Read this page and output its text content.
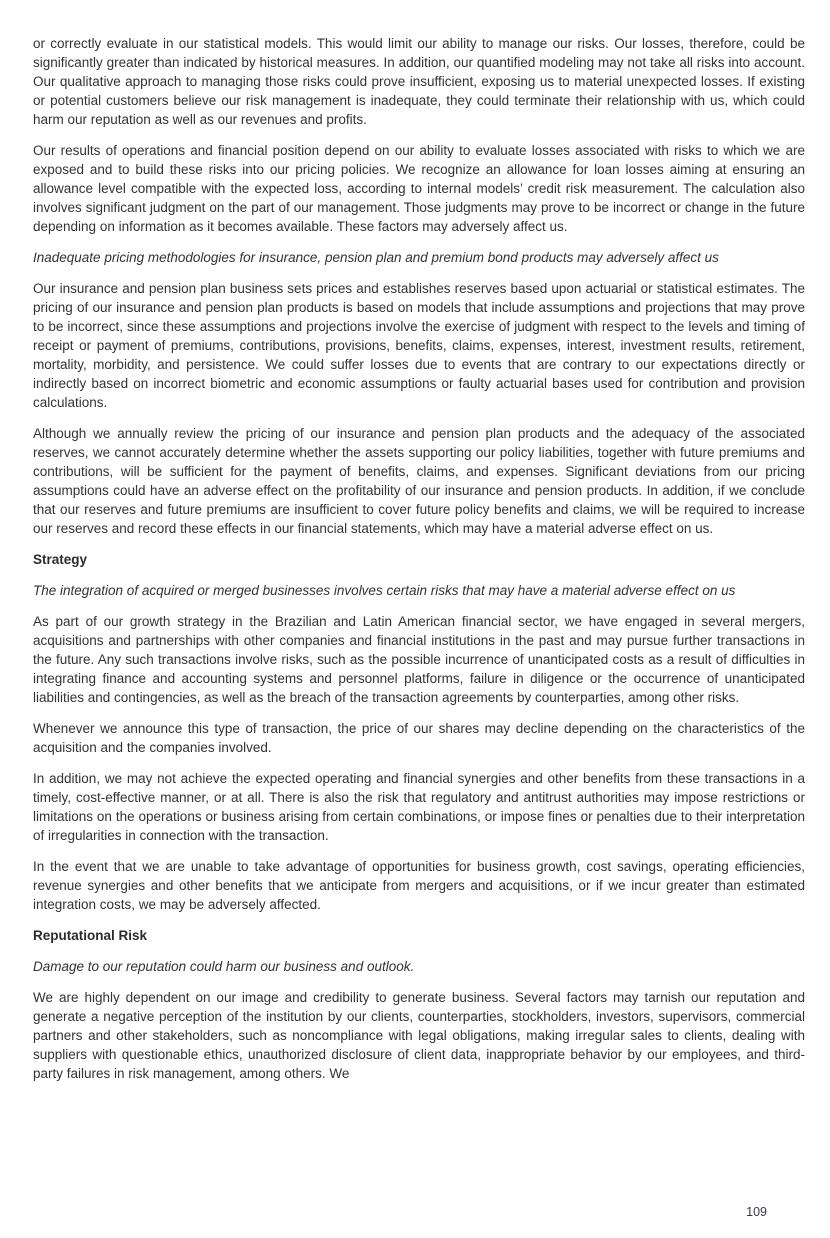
or correctly evaluate in our statistical models. This would limit our ability to manage our risks. Our losses, therefore, could be significantly greater than indicated by historical measures. In addition, our quantified modeling may not take all risks into account. Our qualitative approach to managing those risks could prove insufficient, exposing us to material unexpected losses. If existing or potential customers believe our risk management is inadequate, they could terminate their relationship with us, which could harm our reputation as well as our revenues and profits.

Our results of operations and financial position depend on our ability to evaluate losses associated with risks to which we are exposed and to build these risks into our pricing policies. We recognize an allowance for loan losses aiming at ensuring an allowance level compatible with the expected loss, according to internal models’ credit risk measurement. The calculation also involves significant judgment on the part of our management. Those judgments may prove to be incorrect or change in the future depending on information as it becomes available. These factors may adversely affect us.

Inadequate pricing methodologies for insurance, pension plan and premium bond products may adversely affect us

Our insurance and pension plan business sets prices and establishes reserves based upon actuarial or statistical estimates. The pricing of our insurance and pension plan products is based on models that include assumptions and projections that may prove to be incorrect, since these assumptions and projections involve the exercise of judgment with respect to the levels and timing of receipt or payment of premiums, contributions, provisions, benefits, claims, expenses, interest, investment results, retirement, mortality, morbidity, and persistence. We could suffer losses due to events that are contrary to our expectations directly or indirectly based on incorrect biometric and economic assumptions or faulty actuarial bases used for contribution and provision calculations.

Although we annually review the pricing of our insurance and pension plan products and the adequacy of the associated reserves, we cannot accurately determine whether the assets supporting our policy liabilities, together with future premiums and contributions, will be sufficient for the payment of benefits, claims, and expenses. Significant deviations from our pricing assumptions could have an adverse effect on the profitability of our insurance and pension products. In addition, if we conclude that our reserves and future premiums are insufficient to cover future policy benefits and claims, we will be required to increase our reserves and record these effects in our financial statements, which may have a material adverse effect on us.

Strategy

The integration of acquired or merged businesses involves certain risks that may have a material adverse effect on us

As part of our growth strategy in the Brazilian and Latin American financial sector, we have engaged in several mergers, acquisitions and partnerships with other companies and financial institutions in the past and may pursue further transactions in the future. Any such transactions involve risks, such as the possible incurrence of unanticipated costs as a result of difficulties in integrating finance and accounting systems and personnel platforms, failure in diligence or the occurrence of unanticipated liabilities and contingencies, as well as the breach of the transaction agreements by counterparties, among other risks.

Whenever we announce this type of transaction, the price of our shares may decline depending on the characteristics of the acquisition and the companies involved.

In addition, we may not achieve the expected operating and financial synergies and other benefits from these transactions in a timely, cost-effective manner, or at all. There is also the risk that regulatory and antitrust authorities may impose restrictions or limitations on the operations or business arising from certain combinations, or impose fines or penalties due to their interpretation of irregularities in connection with the transaction.

In the event that we are unable to take advantage of opportunities for business growth, cost savings, operating efficiencies, revenue synergies and other benefits that we anticipate from mergers and acquisitions, or if we incur greater than estimated integration costs, we may be adversely affected.

Reputational Risk

Damage to our reputation could harm our business and outlook.

We are highly dependent on our image and credibility to generate business. Several factors may tarnish our reputation and generate a negative perception of the institution by our clients, counterparties, stockholders, investors, supervisors, commercial partners and other stakeholders, such as noncompliance with legal obligations, making irregular sales to clients, dealing with suppliers with questionable ethics, unauthorized disclosure of client data, inappropriate behavior by our employees, and third-party failures in risk management, among others. We

109
